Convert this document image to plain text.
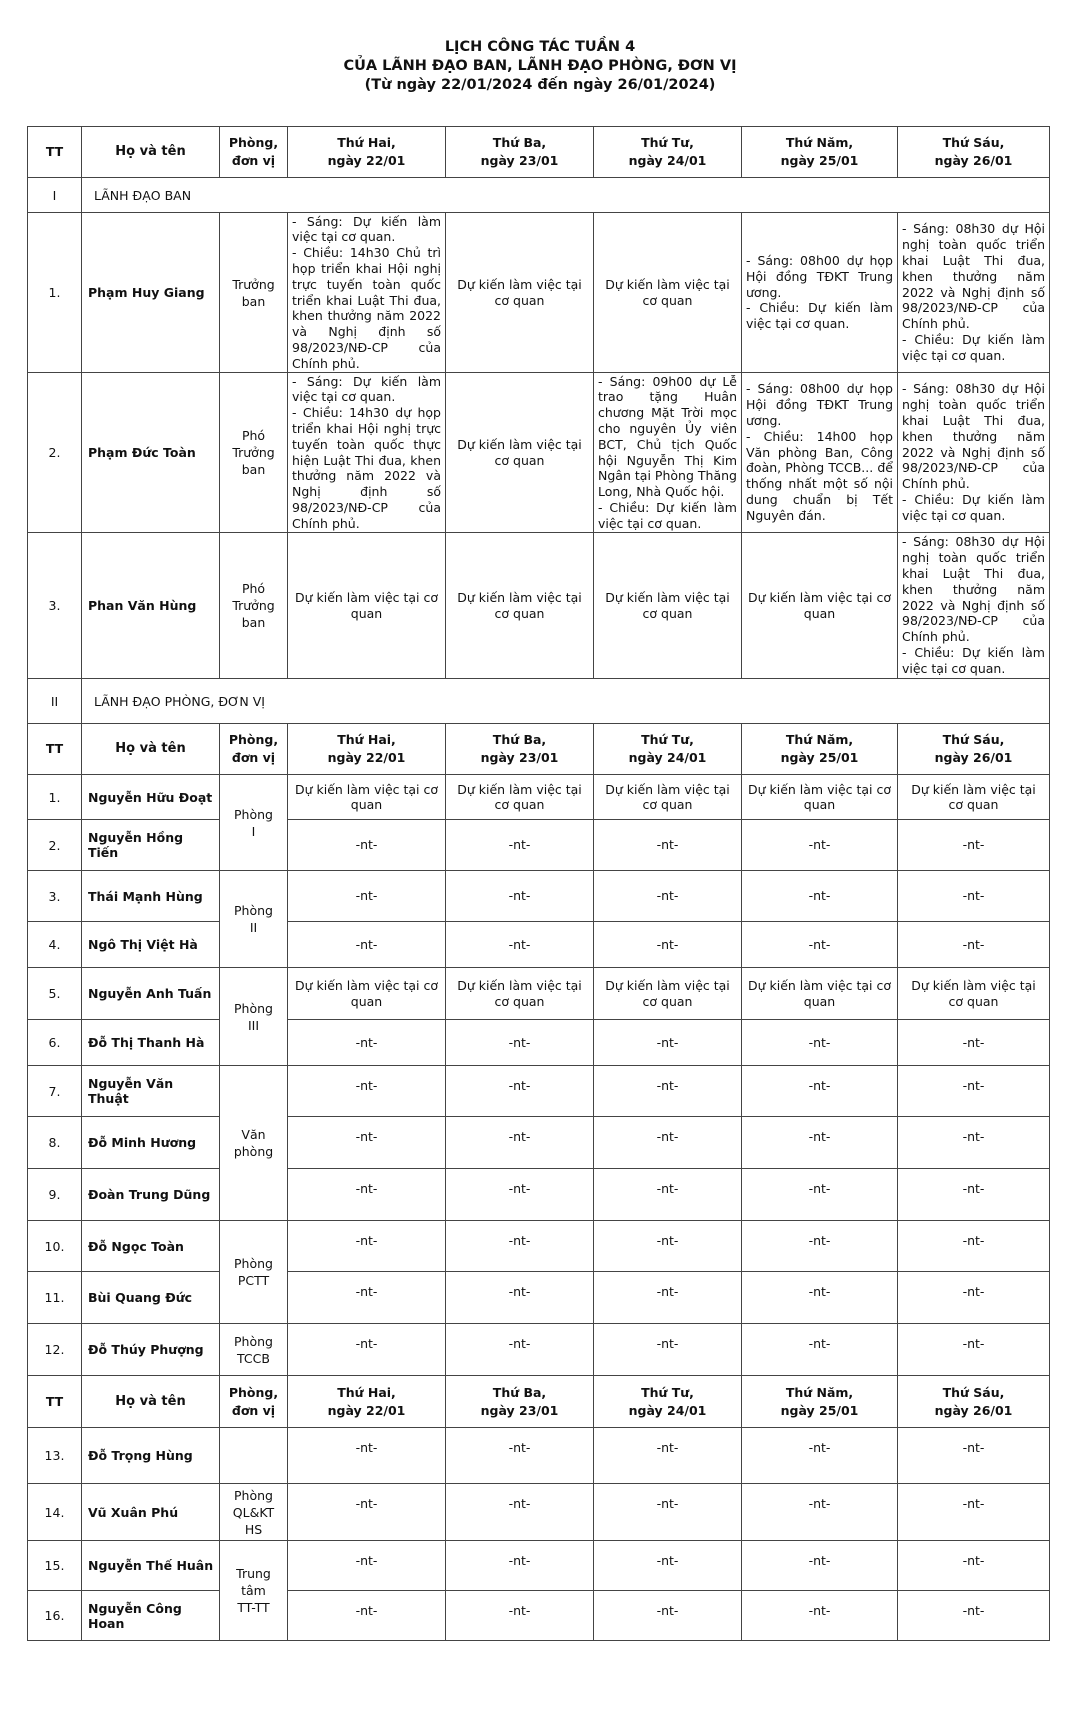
LỊCH CÔNG TÁC TUẦN 4
CỦA LÃNH ĐẠO BAN, LÃNH ĐẠO PHÒNG, ĐƠN VỊ
(Từ ngày 22/01/2024 đến ngày 26/01/2024)
TT	Họ và tên	Phòng,
đơn vị	Thứ Hai,
ngày 22/01	Thứ Ba,
ngày 23/01	Thứ Tư,
ngày 24/01	Thứ Năm,
ngày 25/01	Thứ Sáu,
ngày 26/01
I	LÃNH ĐẠO BAN						
1.	Phạm Huy Giang	Trưởng ban	- Sáng: Dự kiến làm việc tại cơ quan.
- Chiều: 14h30 Chủ trì họp triển khai Hội nghị trực tuyến toàn quốc triển khai Luật Thi đua, khen thưởng năm 2022 và Nghị định số 98/2023/NĐ-CP của Chính phủ.	Dự kiến làm việc tại cơ quan	Dự kiến làm việc tại cơ quan	- Sáng: 08h00 dự họp Hội đồng TĐKT Trung ương.
- Chiều: Dự kiến làm việc tại cơ quan.	- Sáng: 08h30 dự Hội nghị toàn quốc triển khai Luật Thi đua, khen thưởng năm 2022 và Nghị định số 98/2023/NĐ-CP của Chính phủ.
- Chiều: Dự kiến làm việc tại cơ quan.

2.	Phạm Đức Toàn	Phó Trưởng ban	- Sáng: Dự kiến làm việc tại cơ quan.
- Chiều: 14h30 dự họp triển khai Hội nghị trực tuyến toàn quốc thực hiện Luật Thi đua, khen thưởng năm 2022 và Nghị định số 98/2023/NĐ-CP của Chính phủ.	Dự kiến làm việc tại cơ quan	- Sáng: 09h00 dự Lễ trao tặng Huân chương Mặt Trời mọc cho nguyên Ủy viên BCT, Chủ tịch Quốc hội Nguyễn Thị Kim Ngân tại Phòng Thăng Long, Nhà Quốc hội.
- Chiều: Dự kiến làm việc tại cơ quan.	- Sáng: 08h00 dự họp Hội đồng TĐKT Trung ương.
- Chiều: 14h00 họp Văn phòng Ban, Công đoàn, Phòng TCCB... để thống nhất một số nội dung chuẩn bị Tết Nguyên đán.	- Sáng: 08h30 dự Hội nghị toàn quốc triển khai Luật Thi đua, khen thưởng năm 2022 và Nghị định số 98/2023/NĐ-CP của Chính phủ.
- Chiều: Dự kiến làm việc tại cơ quan.

3.	Phan Văn Hùng	Phó Trưởng ban	Dự kiến làm việc tại cơ quan	Dự kiến làm việc tại cơ quan	Dự kiến làm việc tại cơ quan	Dự kiến làm việc tại cơ quan	- Sáng: 08h30 dự Hội nghị toàn quốc triển khai Luật Thi đua, khen thưởng năm 2022 và Nghị định số 98/2023/NĐ-CP của Chính phủ.
- Chiều: Dự kiến làm việc tại cơ quan.

II	LÃNH ĐẠO PHÒNG, ĐƠN VỊ						
TT	Họ và tên	Phòng,
đơn vị	Thứ Hai,
ngày 22/01	Thứ Ba,
ngày 23/01	Thứ Tư,
ngày 24/01	Thứ Năm,
ngày 25/01	Thứ Sáu,
ngày 26/01
1.	Nguyễn Hữu Đoạt	Phòng
I	Dự kiến làm việc tại cơ quan	Dự kiến làm việc tại cơ quan	Dự kiến làm việc tại cơ quan	Dự kiến làm việc tại cơ quan	Dự kiến làm việc tại cơ quan
2.	Nguyễn Hồng Tiến		-nt-	-nt-	-nt-	-nt-	-nt-
3.	Thái Mạnh Hùng	Phòng
II	-nt-	-nt-	-nt-	-nt-	-nt-
4.	Ngô Thị Việt Hà		-nt-	-nt-	-nt-	-nt-	-nt-
5.	Nguyễn Anh Tuấn	Phòng
III	Dự kiến làm việc tại cơ quan	Dự kiến làm việc tại cơ quan	Dự kiến làm việc tại cơ quan	Dự kiến làm việc tại cơ quan	Dự kiến làm việc tại cơ quan
6.	Đỗ Thị Thanh Hà		-nt-	-nt-	-nt-	-nt-	-nt-
7.	Nguyễn Văn Thuật	Văn
phòng	-nt-	-nt-	-nt-	-nt-	-nt-
8.	Đỗ Minh Hương		-nt-	-nt-	-nt-	-nt-	-nt-
9.	Đoàn Trung Dũng		-nt-	-nt-	-nt-	-nt-	-nt-
10.	Đỗ Ngọc Toàn	Phòng
PCTT	-nt-	-nt-	-nt-	-nt-	-nt-
11.	Bùi Quang Đức		-nt-	-nt-	-nt-	-nt-	-nt-
12.	Đỗ Thúy Phượng	Phòng
TCCB	-nt-	-nt-	-nt-	-nt-	-nt-
TT	Họ và tên	Phòng,
đơn vị	Thứ Hai,
ngày 22/01	Thứ Ba,
ngày 23/01	Thứ Tư,
ngày 24/01	Thứ Năm,
ngày 25/01	Thứ Sáu,
ngày 26/01
13.	Đỗ Trọng Hùng		-nt-	-nt-	-nt-	-nt-	-nt-
14.	Vũ Xuân Phú	Phòng
QL&KT
HS	-nt-	-nt-	-nt-	-nt-	-nt-
15.	Nguyễn Thế Huân	Trung
tâm
TT-TT	-nt-	-nt-	-nt-	-nt-	-nt-
16.	Nguyễn Công Hoan		-nt-	-nt-	-nt-	-nt-	-nt-
